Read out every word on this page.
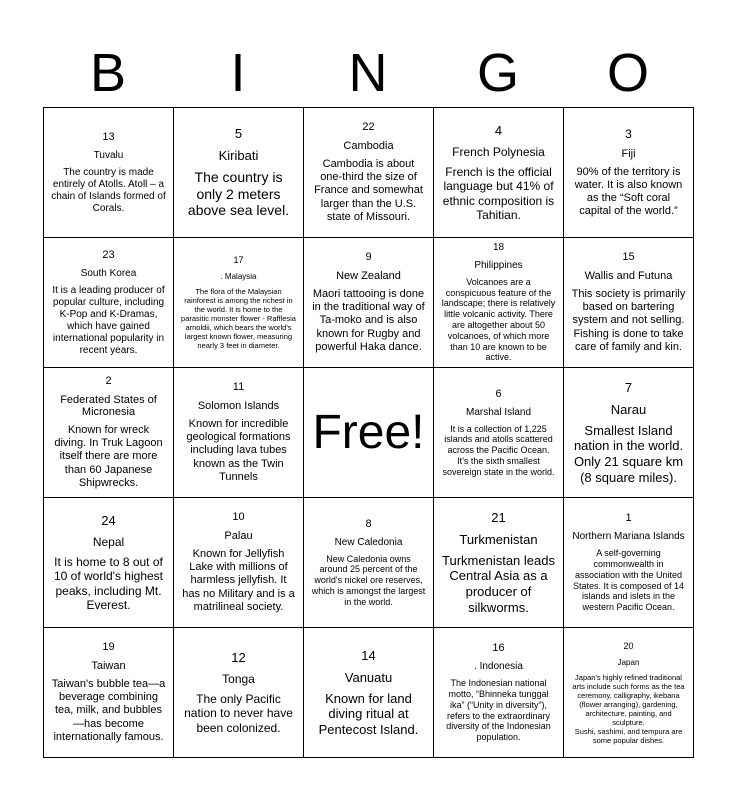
B	I	N	G	O
13
Tuvalu
The country is made entirely of Atolls. Atoll – a chain of Islands formed of Corals.
5
Kiribati
The country is only 2 meters above sea level.
22
Cambodia
Cambodia is about one-third the size of France and somewhat larger than the U.S. state of Missouri.
4
French Polynesia
French is the official language but 41% of ethnic composition is Tahitian.
3
Fiji
90% of the territory is water. It is also known as the “Soft coral capital of the world.”
23
South Korea
It is a leading producer of popular culture, including K-Pop and K-Dramas, which have gained international popularity in recent years.
17
. Malaysia
The flora of the Malaysian rainforest is among the richest in the world. It is home to the parasitic monster flower - Rafflesia arnoldii, which bears the world's largest known flower, measuring nearly 3 feet in diameter.
9
New Zealand
Maori tattooing is done in the traditional way of Ta-moko and is also known for Rugby and powerful Haka dance.
18
Philippines
Volcanoes are a conspicuous feature of the landscape; there is relatively little volcanic activity. There are altogether about 50 volcanoes, of which more than 10 are known to be active.
15
Wallis and Futuna
This society is primarily based on bartering system and not selling. Fishing is done to take care of family and kin.
2
Federated States of Micronesia
Known for wreck diving. In Truk Lagoon itself there are more than 60 Japanese Shipwrecks.
11
Solomon Islands
Known for incredible geological formations including lava tubes known as the Twin Tunnels
Free!
6
Marshal Island
It is a collection of 1,225 islands and atolls scattered across the Pacific Ocean. It’s the sixth smallest sovereign state in the world.
7
Narau
Smallest Island nation in the world. Only 21 square km (8 square miles).
24
Nepal
It is home to 8 out of 10 of world's highest peaks, including Mt. Everest.
10
Palau
Known for Jellyfish Lake with millions of harmless jellyfish. It has no Military and is a matrilineal society.
8
New Caledonia
New Caledonia owns around 25 percent of the world's nickel ore reserves, which is amongst the largest in the world.
21
Turkmenistan
Turkmenistan leads Central Asia as a producer of silkworms.
1
Northern Mariana Islands
A self-governing commonwealth in association with the United States. It is composed of 14 islands and islets in the western Pacific Ocean.
19
Taiwan
Taiwan's bubble tea—a beverage combining tea, milk, and bubbles—has become internationally famous.
12
Tonga
The only Pacific nation to never have been colonized.
14
Vanuatu
Known for land diving ritual at Pentecost Island.
16
. Indonesia
The Indonesian national motto, “Bhinneka tunggal ika” (“Unity in diversity”), refers to the extraordinary diversity of the Indonesian population.
20
Japan
Japan's highly refined traditional arts include such forms as the tea ceremony, calligraphy, ikebana (flower arranging), gardening, architecture, painting, and sculpture.
Sushi, sashimi, and tempura are some popular dishes.
